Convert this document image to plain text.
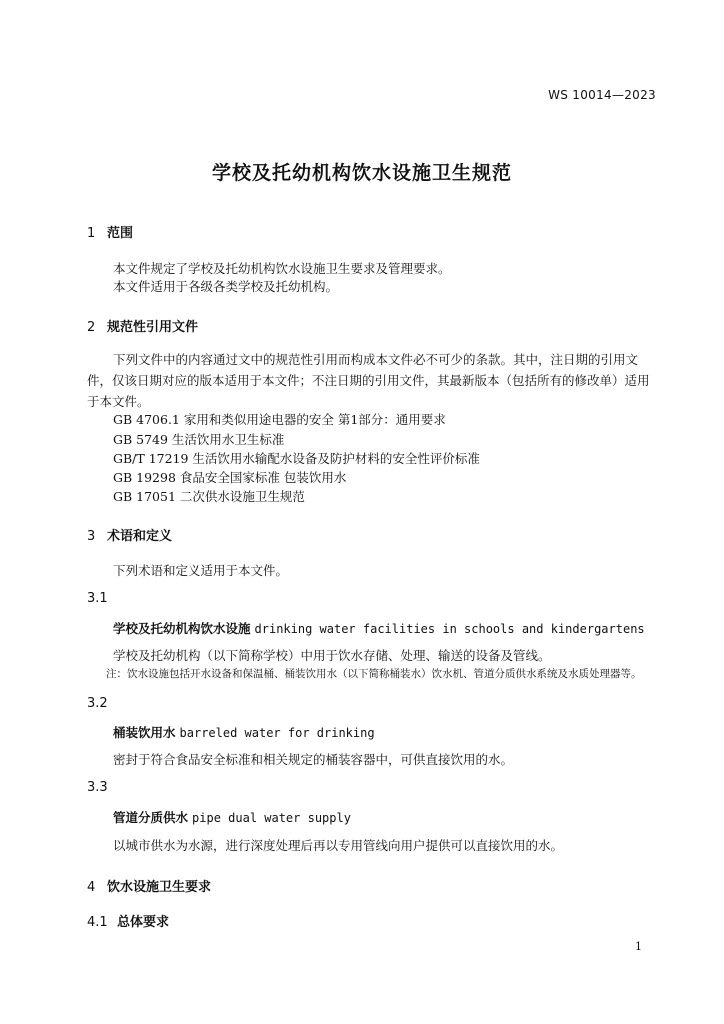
WS 10014—2023
学校及托幼机构饮水设施卫生规范
1 范围
本文件规定了学校及托幼机构饮水设施卫生要求及管理要求。
本文件适用于各级各类学校及托幼机构。
2 规范性引用文件
下列文件中的内容通过文中的规范性引用而构成本文件必不可少的条款。其中，注日期的引用文件，仅该日期对应的版本适用于本文件；不注日期的引用文件，其最新版本（包括所有的修改单）适用于本文件。
GB 4706.1 家用和类似用途电器的安全 第1部分：通用要求
GB 5749 生活饮用水卫生标准
GB/T 17219 生活饮用水输配水设备及防护材料的安全性评价标准
GB 19298 食品安全国家标准 包装饮用水
GB 17051 二次供水设施卫生规范
3 术语和定义
下列术语和定义适用于本文件。
3.1
学校及托幼机构饮水设施 drinking water facilities in schools and kindergartens
学校及托幼机构（以下简称学校）中用于饮水存储、处理、输送的设备及管线。
注：饮水设施包括开水设备和保温桶、桶装饮用水（以下简称桶装水）饮水机、管道分质供水系统及水质处理器等。
3.2
桶装饮用水 barreled water for drinking
密封于符合食品安全标准和相关规定的桶装容器中，可供直接饮用的水。
3.3
管道分质供水 pipe dual water supply
以城市供水为水源，进行深度处理后再以专用管线向用户提供可以直接饮用的水。
4 饮水设施卫生要求
4.1 总体要求
1
